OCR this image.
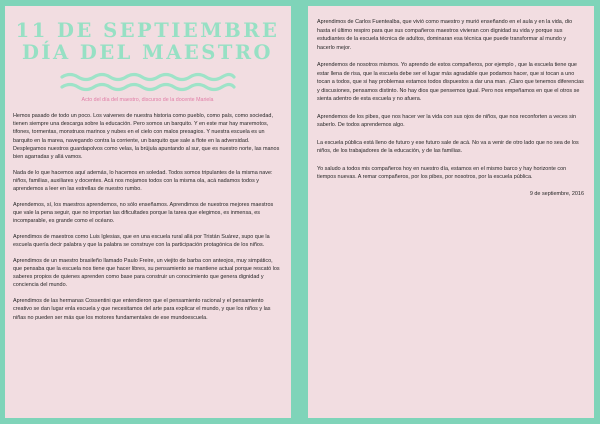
11 DE SEPTIEMBRE
DÍA DEL MAESTRO
Acto del día del maestro, discurso de la docente Mariela

Hemos pasado de todo un poco. Los vaivenes de nuestra historia como pueblo, como país, como sociedad, tienen siempre una descarga sobre la educación. Pero somos un barquito. Y en este mar hay maremotos, tifones, tormentas, monstruos marinos y nubes en el cielo con malos presagios. Y nuestra escuela es un barquito en la marea, navegando contra la corriente, un barquito que sale a flote en la adversidad. Desplegamos nuestros guardapolvos como velas, la brújula apuntando al sur, que es nuestro norte, las manos bien agarradas y allá vamos.

Nada de lo que hacemos aquí además, lo hacemos en soledad. Todos somos tripulantes de la misma nave: niños, familias, auxiliares y docentes. Acá nos mojamos todos con la misma ola, acá nadamos todos y aprendemos a leer en las estrellas de nuestro rumbo.

Aprendemos, sí, los maestros aprendemos, no sólo enseñamos. Aprendimos de nuestros mejores maestros que vale la pena seguir, que no importan las dificultades porque la tarea que elegimos, es inmensa, es incomparable, es grande como el océano.

Aprendimos de maestros como Luis Iglesias, que en una escuela rural allá por Tristán Suárez, supo que la escuela quería decir palabra y que la palabra se construye con la participación protagónica de los niños.

Aprendimos de un maestro brasileño llamado Paulo Freire, un viejito de barba con anteojos, muy simpático, que pensaba que la escuela nos tiene que hacer libres, su pensamiento se mantiene actual porque rescató los saberes propios de quienes aprenden como base para construir un conocimiento que genera dignidad y conciencia del mundo.

Aprendimos de las hermanas Cossentini que entendieron que el pensamiento racional y el pensamiento creativo se dan lugar enla escuela y que necesitamos del arte para explicar el mundo, y que los niños y las niñas no pueden ser más que los motores fundamentales de ese mundoescuela.

Aprendimos de Carlos Fuentealba, que vivió como maestro y murió enseñando en el aula y en la vida, dio hasta el último respiro para que sus compañeros maestros vivieran con dignidad su vida y porque sus estudiantes de la escuela técnica de adultos, dominaran esa técnica que puede transformar al mundo y hacerlo mejor.

Aprendemos de nosotros mismos. Yo aprendo de estos compañeros, por ejemplo , que la escuela tiene que estar llena de risa, que la escuela debe ser el lugar más agradable que podamos hacer, que si tocan a uno tocan a todos, que si hay problemas estamos todos dispuestos a dar una man. ¡Claro que tenemos diferencias y discusiones, pensamos distinto. No hay dios que pensemos igual. Pero nos empeñamos en que el otros se sienta adentro de esta escuela y no afuera.

Aprendemos de los pibes, que nos hacer ver la vida con sus ojos de niños, que nos reconforten a veces sin saberlo. De todos aprendemos algo.

La escuela pública está lleno de futuro y ese futuro sale de acá. No va a venir de otro lado que no sea de los niños, de los trabajadores de la educación, y de las familias.

Yo saludo a todos mis compañeros hoy en nuestro día, estamos en el mismo barco y hay horizonte con tiempos nuevas. A remar compañeros, por los pibes, por nosotros, por la escuela pública.

9 de septiembre, 2016
